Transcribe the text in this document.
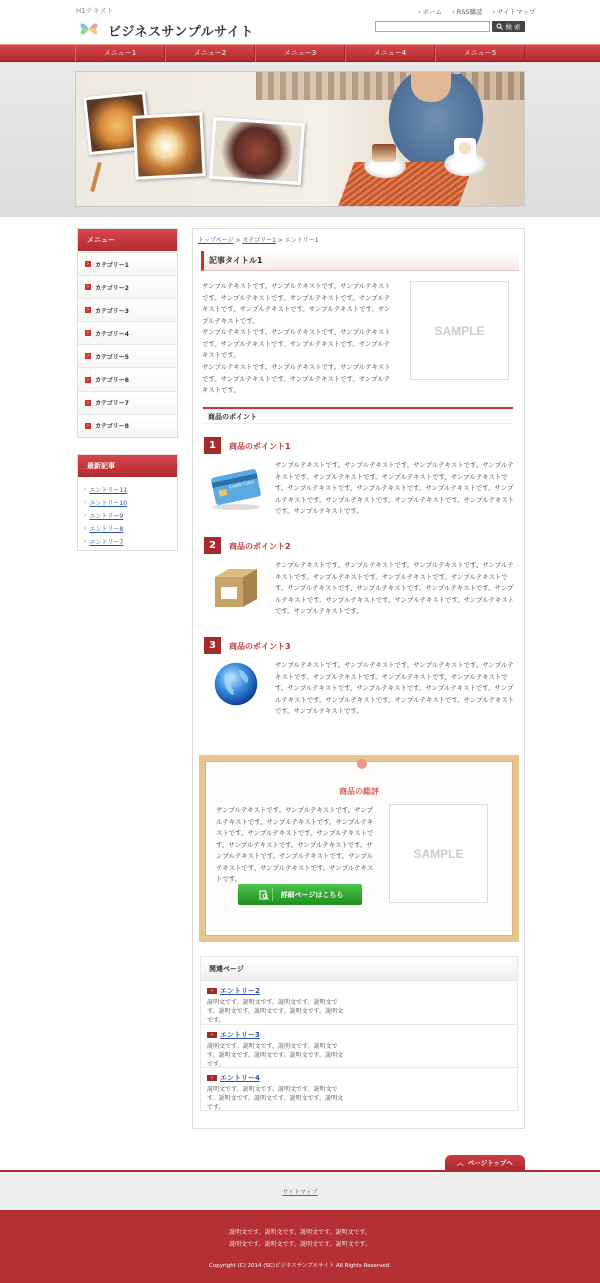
H1テキスト
ビジネスサンプルサイト
› ホーム › RSS購読 › サイトマップ
検 索
メニュー1	メニュー2	メニュー3	メニュー4	メニュー5
メニュー
› カテゴリー1
› カテゴリー2
› カテゴリー3
› カテゴリー4
› カテゴリー5
› カテゴリー6
› カテゴリー7
› カテゴリー8
最新記事
› エントリー11
› エントリー10
› エントリー9
› エントリー8
› エントリー7
トップページ > カテゴリー1 > エントリー1
記事タイトル1
サンプルテキストです。サンプルテキストです。サンプルテキストです。サンプルテキストです。サンプルテキストです。サンプルテキストです。サンプルテキストです。サンプルテキストです。サンプルテキストです。
サンプルテキストです。サンプルテキストです。サンプルテキストです。サンプルテキストです。サンプルテキストです。サンプルテキストです。
サンプルテキストです。サンプルテキストです。サンプルテキストです。サンプルテキストです。サンプルテキストです。サンプルテキストです。
SAMPLE
商品のポイント
1	商品のポイント1
Credit Card
サンプルテキストです。サンプルテキストです。サンプルテキストです。サンプルテキストです。サンプルテキストです。サンプルテキストです。サンプルテキストです。サンプルテキストです。サンプルテキストです。サンプルテキストです。サンプルテキストです。サンプルテキストです。サンプルテキストです。サンプルテキストです。サンプルテキストです。
2	商品のポイント2
サンプルテキストです。サンプルテキストです。サンプルテキストです。サンプルテキストです。サンプルテキストです。サンプルテキストです。サンプルテキストです。サンプルテキストです。サンプルテキストです。サンプルテキストです。サンプルテキストです。サンプルテキストです。サンプルテキストです。サンプルテキストです。サンプルテキストです。
3	商品のポイント3
サンプルテキストです。サンプルテキストです。サンプルテキストです。サンプルテキストです。サンプルテキストです。サンプルテキストです。サンプルテキストです。サンプルテキストです。サンプルテキストです。サンプルテキストです。サンプルテキストです。サンプルテキストです。サンプルテキストです。サンプルテキストです。サンプルテキストです。
商品の総評
サンプルテキストです。サンプルテキストです。サンプルテキストです。サンプルテキストです。サンプルテキストです。サンプルテキストです。サンプルテキストです。サンプルテキストです。サンプルテキストです。サンプルテキストです。サンプルテキストです。サンプルテキストです。サンプルテキストです。サンプルテキストです。
SAMPLE
詳細ページはこちら
関連ページ
› エントリー2
説明文です。説明文です。説明文です。説明文です。説明文です。説明文です。説明文です。説明文です。
› エントリー3
説明文です。説明文です。説明文です。説明文です。説明文です。説明文です。説明文です。説明文です。
› エントリー4
説明文です。説明文です。説明文です。説明文です。説明文です。説明文です。説明文です。説明文です。
︿ ページトップへ
サイトマップ
説明文です。説明文です。説明文です。説明文です。
説明文です。説明文です。説明文です。説明文です。
Copyright (C) 2014 (SC)ビジネスサンプルサイト All Rights Reserved.
